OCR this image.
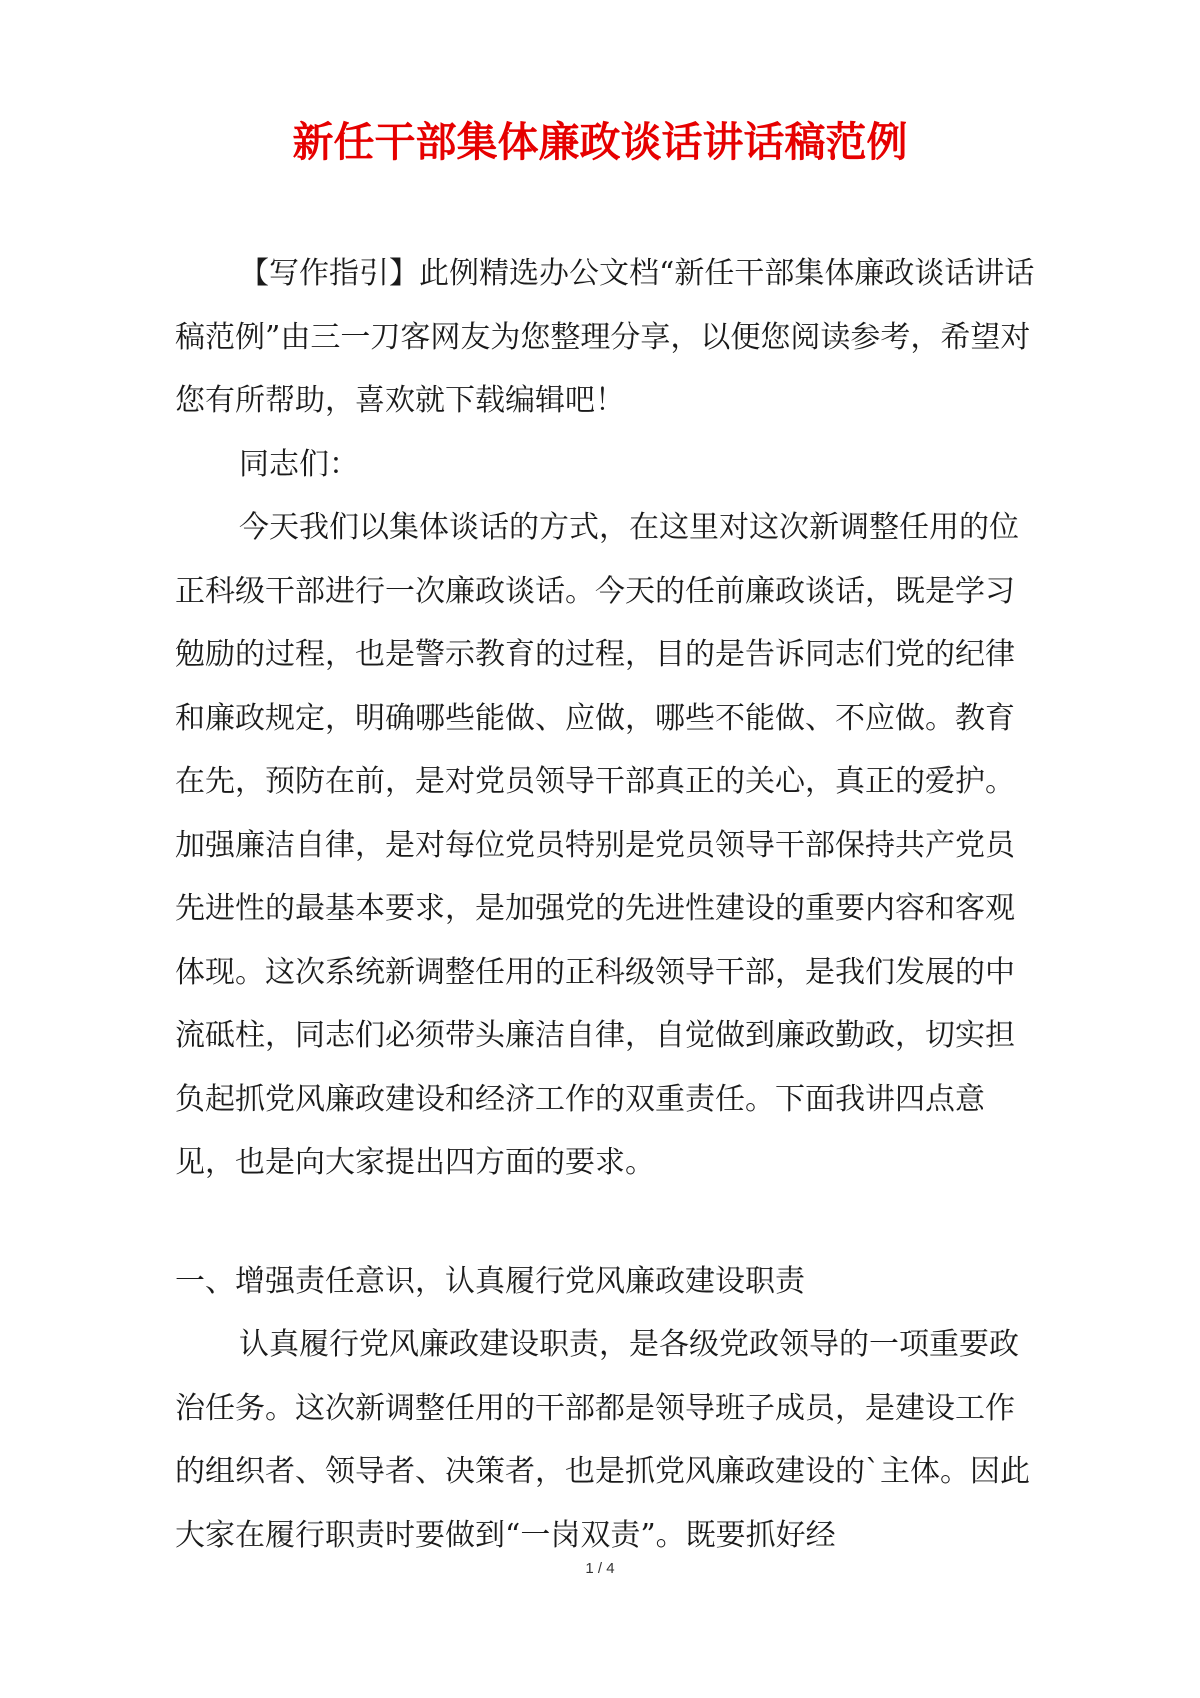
新任干部集体廉政谈话讲话稿范例

【写作指引】此例精选办公文档“新任干部集体廉政谈话讲话稿范例”由三一刀客网友为您整理分享，以便您阅读参考，希望对您有所帮助，喜欢就下载编辑吧！

同志们：

今天我们以集体谈话的方式，在这里对这次新调整任用的位正科级干部进行一次廉政谈话。今天的任前廉政谈话，既是学习勉励的过程，也是警示教育的过程，目的是告诉同志们党的纪律和廉政规定，明确哪些能做、应做，哪些不能做、不应做。教育在先，预防在前，是对党员领导干部真正的关心，真正的爱护。加强廉洁自律，是对每位党员特别是党员领导干部保持共产党员先进性的最基本要求，是加强党的先进性建设的重要内容和客观体现。这次系统新调整任用的正科级领导干部，是我们发展的中流砥柱，同志们必须带头廉洁自律，自觉做到廉政勤政，切实担负起抓党风廉政建设和经济工作的双重责任。下面我讲四点意见，也是向大家提出四方面的要求。

一、增强责任意识，认真履行党风廉政建设职责

认真履行党风廉政建设职责，是各级党政领导的一项重要政治任务。这次新调整任用的干部都是领导班子成员，是建设工作的组织者、领导者、决策者，也是抓党风廉政建设的`主体。因此大家在履行职责时要做到“一岗双责”。既要抓好经

1 / 4
